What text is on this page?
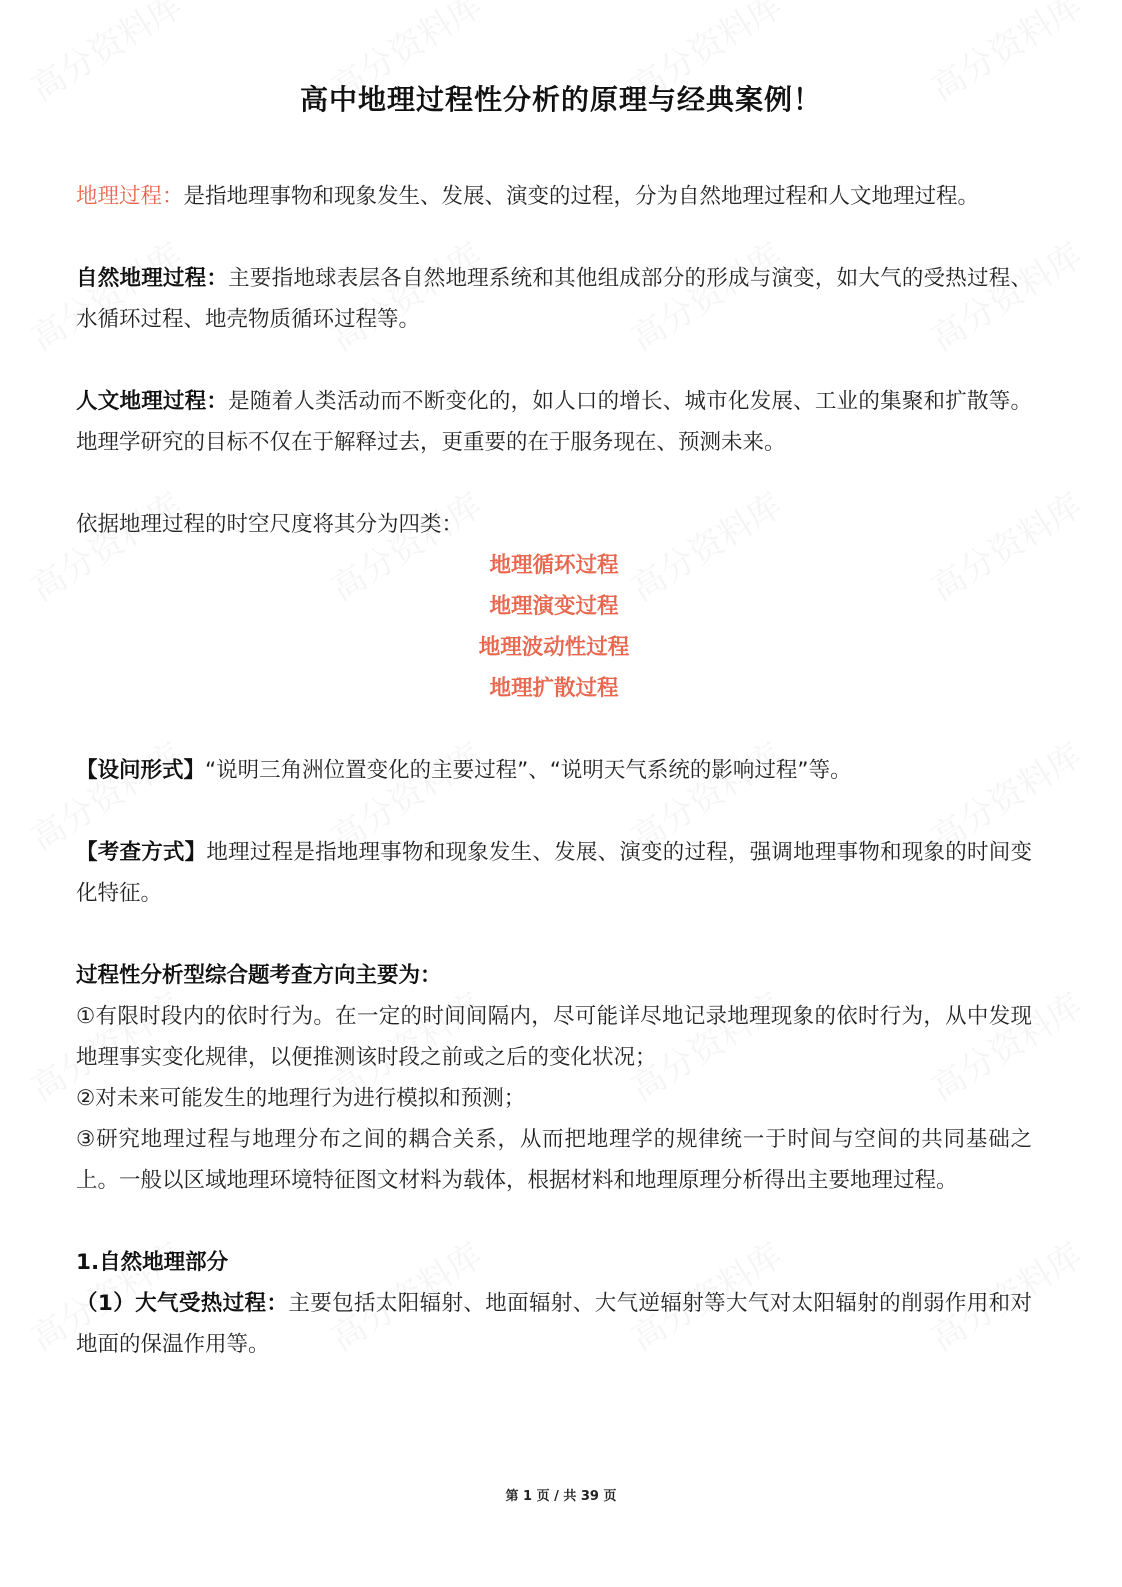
高中地理过程性分析的原理与经典案例！

地理过程：是指地理事物和现象发生、发展、演变的过程，分为自然地理过程和人文地理过程。

自然地理过程：主要指地球表层各自然地理系统和其他组成部分的形成与演变，如大气的受热过程、水循环过程、地壳物质循环过程等。

人文地理过程：是随着人类活动而不断变化的，如人口的增长、城市化发展、工业的集聚和扩散等。地理学研究的目标不仅在于解释过去，更重要的在于服务现在、预测未来。

依据地理过程的时空尺度将其分为四类：

地理循环过程

地理演变过程

地理波动性过程

地理扩散过程

【设问形式】“说明三角洲位置变化的主要过程”、“说明天气系统的影响过程”等。

【考查方式】地理过程是指地理事物和现象发生、发展、演变的过程，强调地理事物和现象的时间变化特征。

过程性分析型综合题考查方向主要为：

①有限时段内的依时行为。在一定的时间间隔内，尽可能详尽地记录地理现象的依时行为，从中发现地理事实变化规律，以便推测该时段之前或之后的变化状况；

②对未来可能发生的地理行为进行模拟和预测；

③研究地理过程与地理分布之间的耦合关系，从而把地理学的规律统一于时间与空间的共同基础之上。一般以区域地理环境特征图文材料为载体，根据材料和地理原理分析得出主要地理过程。

1.自然地理部分

（1）大气受热过程：主要包括太阳辐射、地面辐射、大气逆辐射等大气对太阳辐射的削弱作用和对地面的保温作用等。

第 1 页 / 共 39 页
